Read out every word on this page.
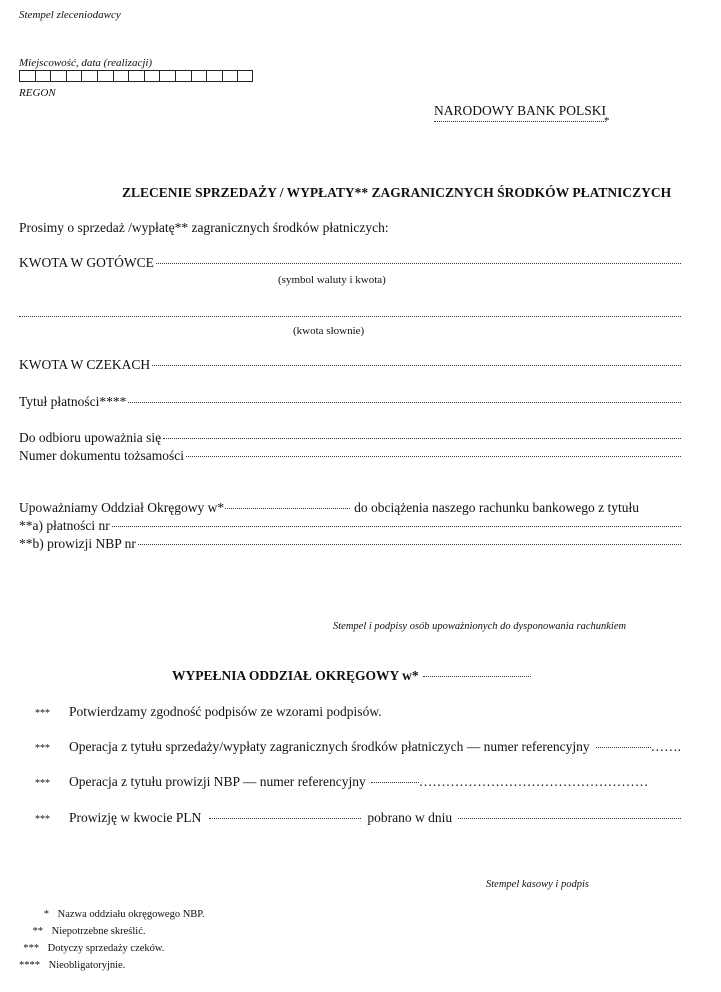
Stempel zleceniodawcy
Miejscowość, data (realizacji)
REGON
NARODOWY BANK POLSKI
*
ZLECENIE SPRZEDAŻY / WYPŁATY** ZAGRANICZNYCH ŚRODKÓW PŁATNICZYCH
Prosimy o sprzedaż /wypłatę** zagranicznych środków płatniczych:
KWOTA W GOTÓWCE
(symbol waluty i kwota)
(kwota słownie)
KWOTA W CZEKACH
Tytuł płatności****
Do odbioru upoważnia się
Numer dokumentu tożsamości
Upoważniamy Oddział Okręgowy w*	do obciążenia naszego rachunku bankowego z tytułu
**a) płatności nr
**b) prowizji NBP nr
Stempel i podpisy osób upoważnionych do dysponowania rachunkiem
WYPEŁNIA ODDZIAŁ OKRĘGOWY w*
***	Potwierdzamy zgodność podpisów ze wzorami podpisów.
***	Operacja z tytułu sprzedaży/wypłaty zagranicznych środków płatniczych — numer referencyjny	…….
***	Operacja z tytułu prowizji NBP — numer referencyjny	……………………………………………
***	Prowizję w kwocie PLN	pobrano w dniu
Stempel kasowy i podpis
* Nazwa oddziału okręgowego NBP.
** Niepotrzebne skreślić.
*** Dotyczy sprzedaży czeków.
**** Nieobligatoryjnie.
